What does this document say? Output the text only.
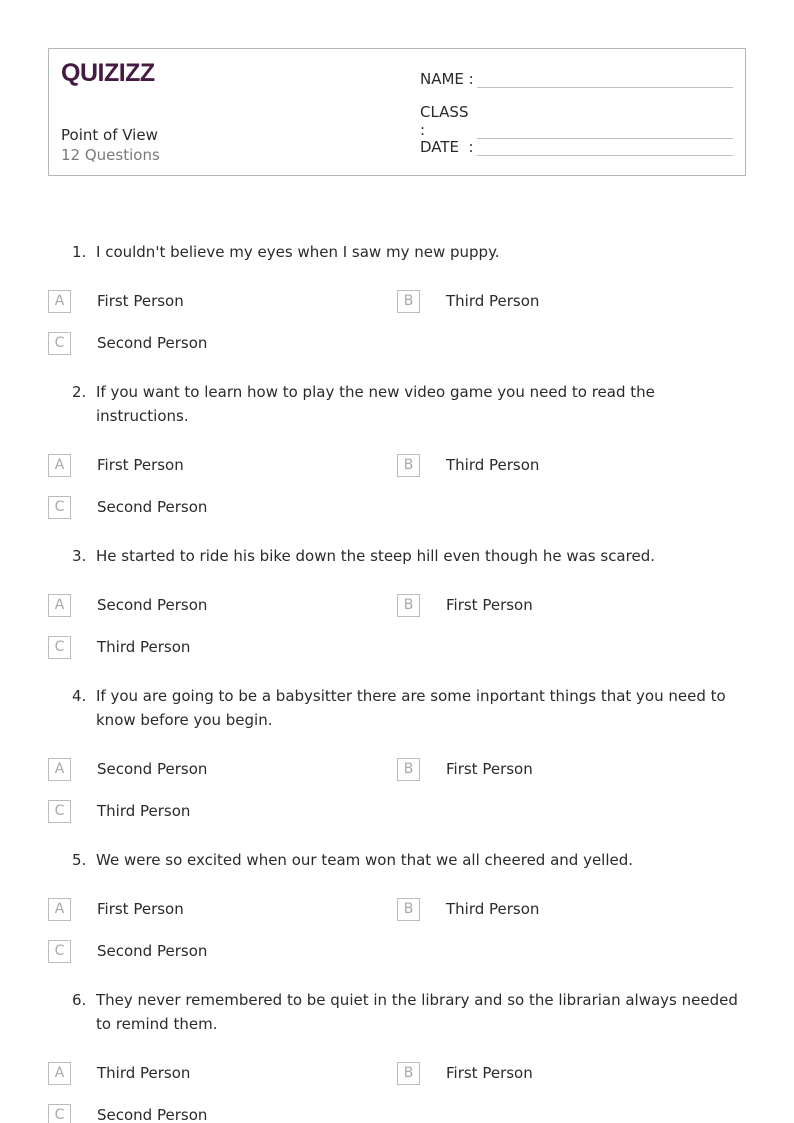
QUIZIZZ
Point of View
12 Questions
NAME :
CLASS :
DATE  :
1. I couldn't believe my eyes when I saw my new puppy.
A	First Person	B	Third Person
C	Second Person
2. If you want to learn how to play the new video game you need to read the instructions.
A	First Person	B	Third Person
C	Second Person
3. He started to ride his bike down the steep hill even though he was scared.
A	Second Person	B	First Person
C	Third Person
4. If you are going to be a babysitter there are some inportant things that you need to know before you begin.
A	Second Person	B	First Person
C	Third Person
5. We were so excited when our team won that we all cheered and yelled.
A	First Person	B	Third Person
C	Second Person
6. They never remembered to be quiet in the library and so the librarian always needed to remind them.
A	Third Person	B	First Person
C	Second Person
